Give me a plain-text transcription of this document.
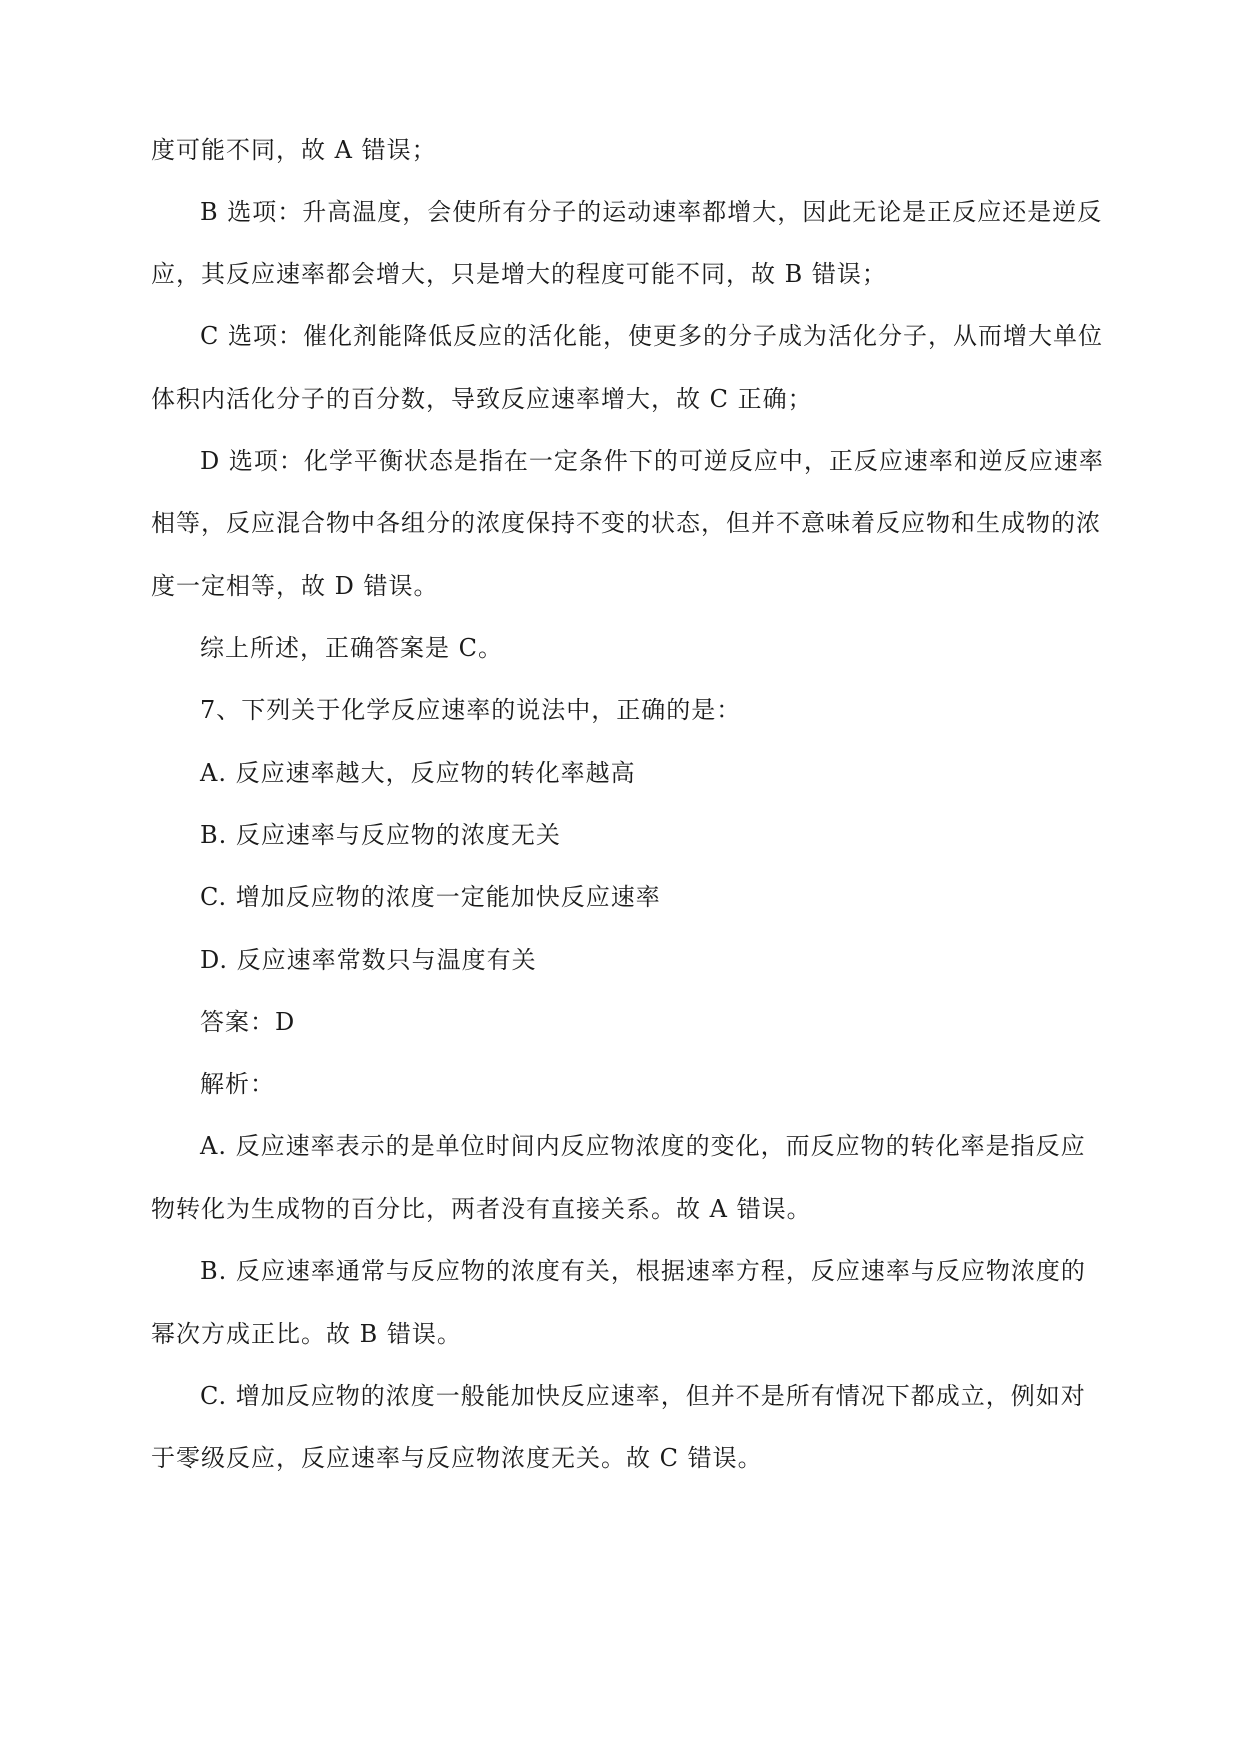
度可能不同，故 A 错误；
B 选项：升高温度，会使所有分子的运动速率都增大，因此无论是正反应还是逆反
应，其反应速率都会增大，只是增大的程度可能不同，故 B 错误；
C 选项：催化剂能降低反应的活化能，使更多的分子成为活化分子，从而增大单位
体积内活化分子的百分数，导致反应速率增大，故 C 正确；
D 选项：化学平衡状态是指在一定条件下的可逆反应中，正反应速率和逆反应速率
相等，反应混合物中各组分的浓度保持不变的状态，但并不意味着反应物和生成物的浓
度一定相等，故 D 错误。
综上所述，正确答案是 C。
7、下列关于化学反应速率的说法中，正确的是：
A. 反应速率越大，反应物的转化率越高
B. 反应速率与反应物的浓度无关
C. 增加反应物的浓度一定能加快反应速率
D. 反应速率常数只与温度有关
答案：D
解析：
A. 反应速率表示的是单位时间内反应物浓度的变化，而反应物的转化率是指反应
物转化为生成物的百分比，两者没有直接关系。故 A 错误。
B. 反应速率通常与反应物的浓度有关，根据速率方程，反应速率与反应物浓度的
幂次方成正比。故 B 错误。
C. 增加反应物的浓度一般能加快反应速率，但并不是所有情况下都成立，例如对
于零级反应，反应速率与反应物浓度无关。故 C 错误。
